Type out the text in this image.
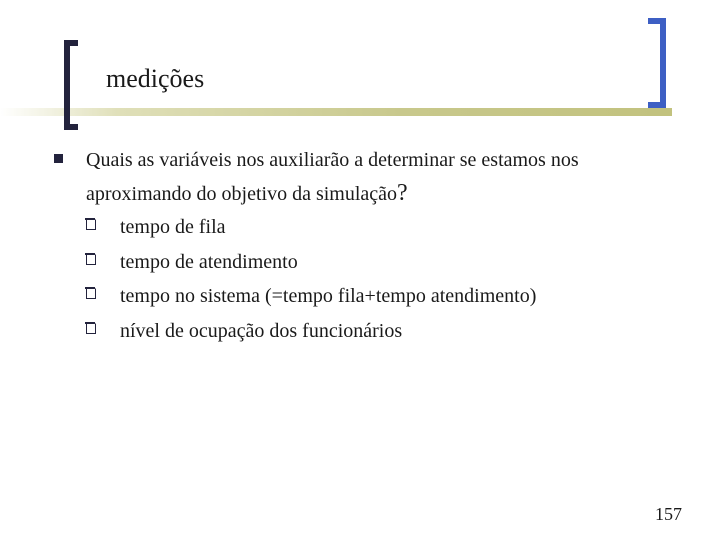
medições
Quais as variáveis nos auxiliarão a determinar se estamos nos aproximando do objetivo da simulação?
tempo de fila
tempo de atendimento
tempo no sistema (=tempo fila+tempo atendimento)
nível de ocupação dos funcionários
157
